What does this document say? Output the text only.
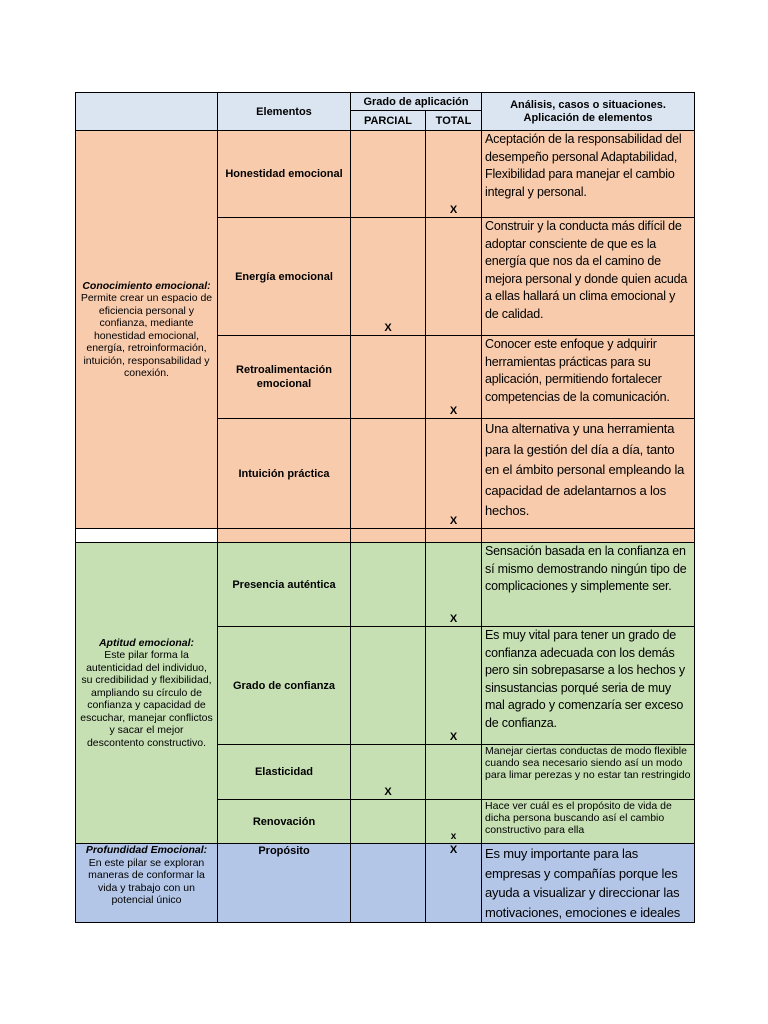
	Elementos	Grado de aplicación		Análisis, casos o situaciones.
Aplicación de elementos
		PARCIAL	TOTAL	

Conocimiento emocional:
Permite crear un espacio de eficiencia personal y confianza, mediante honestidad emocional, energía, retroinformación, intuición, responsabilidad y conexión.	Honestidad emocional		X	Aceptación de la responsabilidad del desempeño personal Adaptabilidad, Flexibilidad para manejar el cambio integral y personal.
	Energía emocional	X		Construir y la conducta más difícil de adoptar consciente de que es la energía que nos da el camino de mejora personal y donde quien acuda a ellas hallará un clima emocional y de calidad.
	Retroalimentación emocional		X	Conocer este enfoque y adquirir herramientas prácticas para su aplicación, permitiendo fortalecer competencias de la comunicación.
	Intuición práctica		X	Una alternativa y una herramienta para la gestión del día a día, tanto en el ámbito personal empleando la capacidad de adelantarnos a los hechos.

Aptitud emocional:
Este pilar forma la autenticidad del individuo, su credibilidad y flexibilidad, ampliando su círculo de confianza y capacidad de escuchar, manejar conflictos y sacar el mejor descontento constructivo.	Presencia auténtica		X	Sensación basada en la confianza en sí mismo demostrando ningún tipo de complicaciones y simplemente ser.
	Grado de confianza		X	Es muy vital para tener un grado de confianza adecuada con los demás pero sin sobrepasarse a los hechos y sinsustancias porqué seria de muy mal agrado y comenzaría ser exceso de confianza.
	Elasticidad	X		Manejar ciertas conductas de modo flexible cuando sea necesario siendo así un modo para limar perezas y no estar tan restringido
	Renovación		x	Hace ver cuál es el propósito de vida de dicha persona buscando así el cambio constructivo para ella

Profundidad Emocional:
En este pilar se exploran maneras de conformar la vida y trabajo con un potencial único	Propósito		X	Es muy importante para las empresas y compañías porque les ayuda a visualizar y direccionar las motivaciones, emociones e ideales
